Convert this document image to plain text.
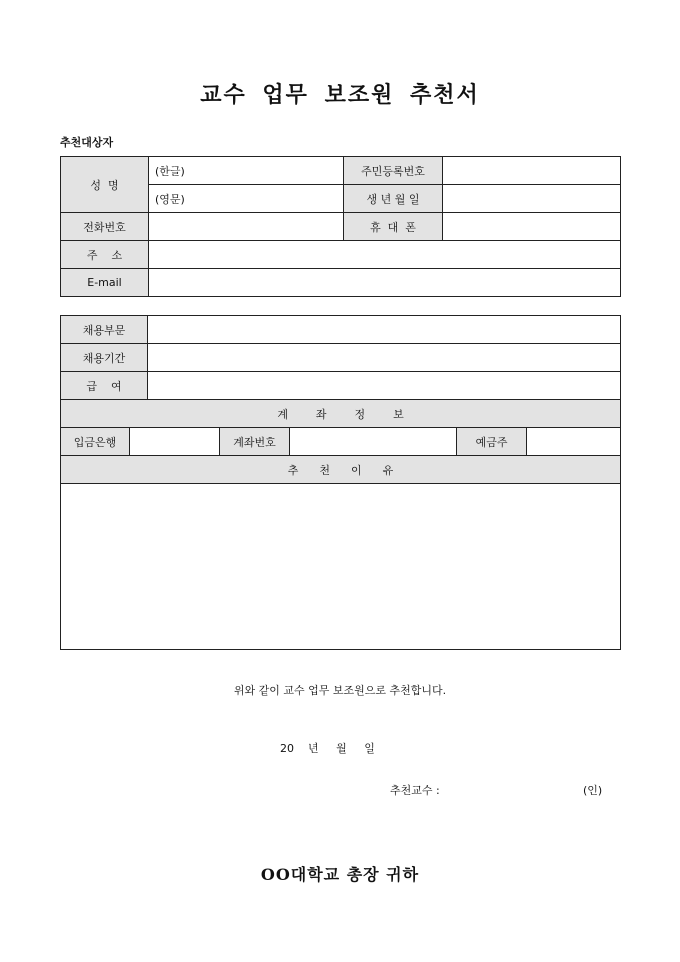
교수 업무 보조원 추천서
추천대상자
성  명	(한글)	주민등록번호	
	(영문)	생 년 월 일	
전화번호		휴  대  폰	
주    소			
E-mail			
채용부문						
채용기간						
급    여						
계        좌        정        보						
입금은행			계좌번호		예금주	
추      천      이      유						

위와 같이 교수 업무 보조원으로 추천합니다.
20    년     월     일
추천교수 :	(인)
OO대학교 총장 귀하
